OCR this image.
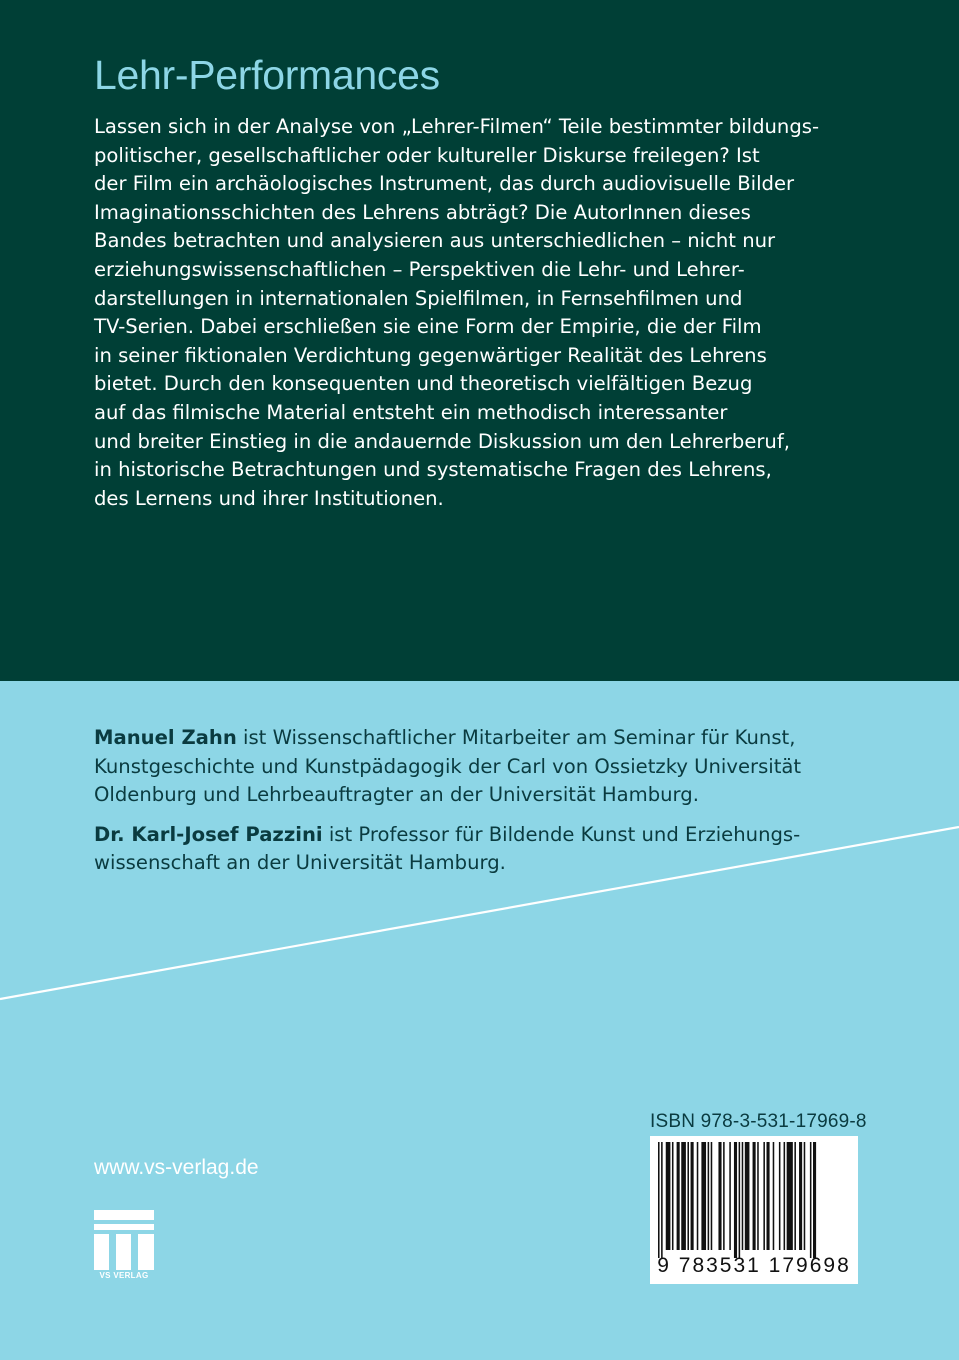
Lehr-Performances
Lassen sich in der Analyse von „Lehrer-Filmen“ Teile bestimmter bildungs-
politischer, gesellschaftlicher oder kultureller Diskurse freilegen? Ist
der Film ein archäologisches Instrument, das durch audiovisuelle Bilder
Imaginationsschichten des Lehrens abträgt? Die AutorInnen dieses
Bandes betrachten und analysieren aus unterschiedlichen – nicht nur
erziehungswissenschaftlichen – Perspektiven die Lehr- und Lehrer-
darstellungen in internationalen Spielfilmen, in Fernsehfilmen und
TV-Serien. Dabei erschließen sie eine Form der Empirie, die der Film
in seiner fiktionalen Verdichtung gegenwärtiger Realität des Lehrens
bietet. Durch den konsequenten und theoretisch vielfältigen Bezug
auf das filmische Material entsteht ein methodisch interessanter
und breiter Einstieg in die andauernde Diskussion um den Lehrerberuf,
in historische Betrachtungen und systematische Fragen des Lehrens,
des Lernens und ihrer Institutionen.

Manuel Zahn ist Wissenschaftlicher Mitarbeiter am Seminar für Kunst,
Kunstgeschichte und Kunstpädagogik der Carl von Ossietzky Universität
Oldenburg und Lehrbeauftragter an der Universität Hamburg.

Dr. Karl-Josef Pazzini ist Professor für Bildende Kunst und Erziehungs-
wissenschaft an der Universität Hamburg.

ISBN 978-3-531-17969-8
9 783531 179698
www.vs-verlag.de
VS VERLAG
